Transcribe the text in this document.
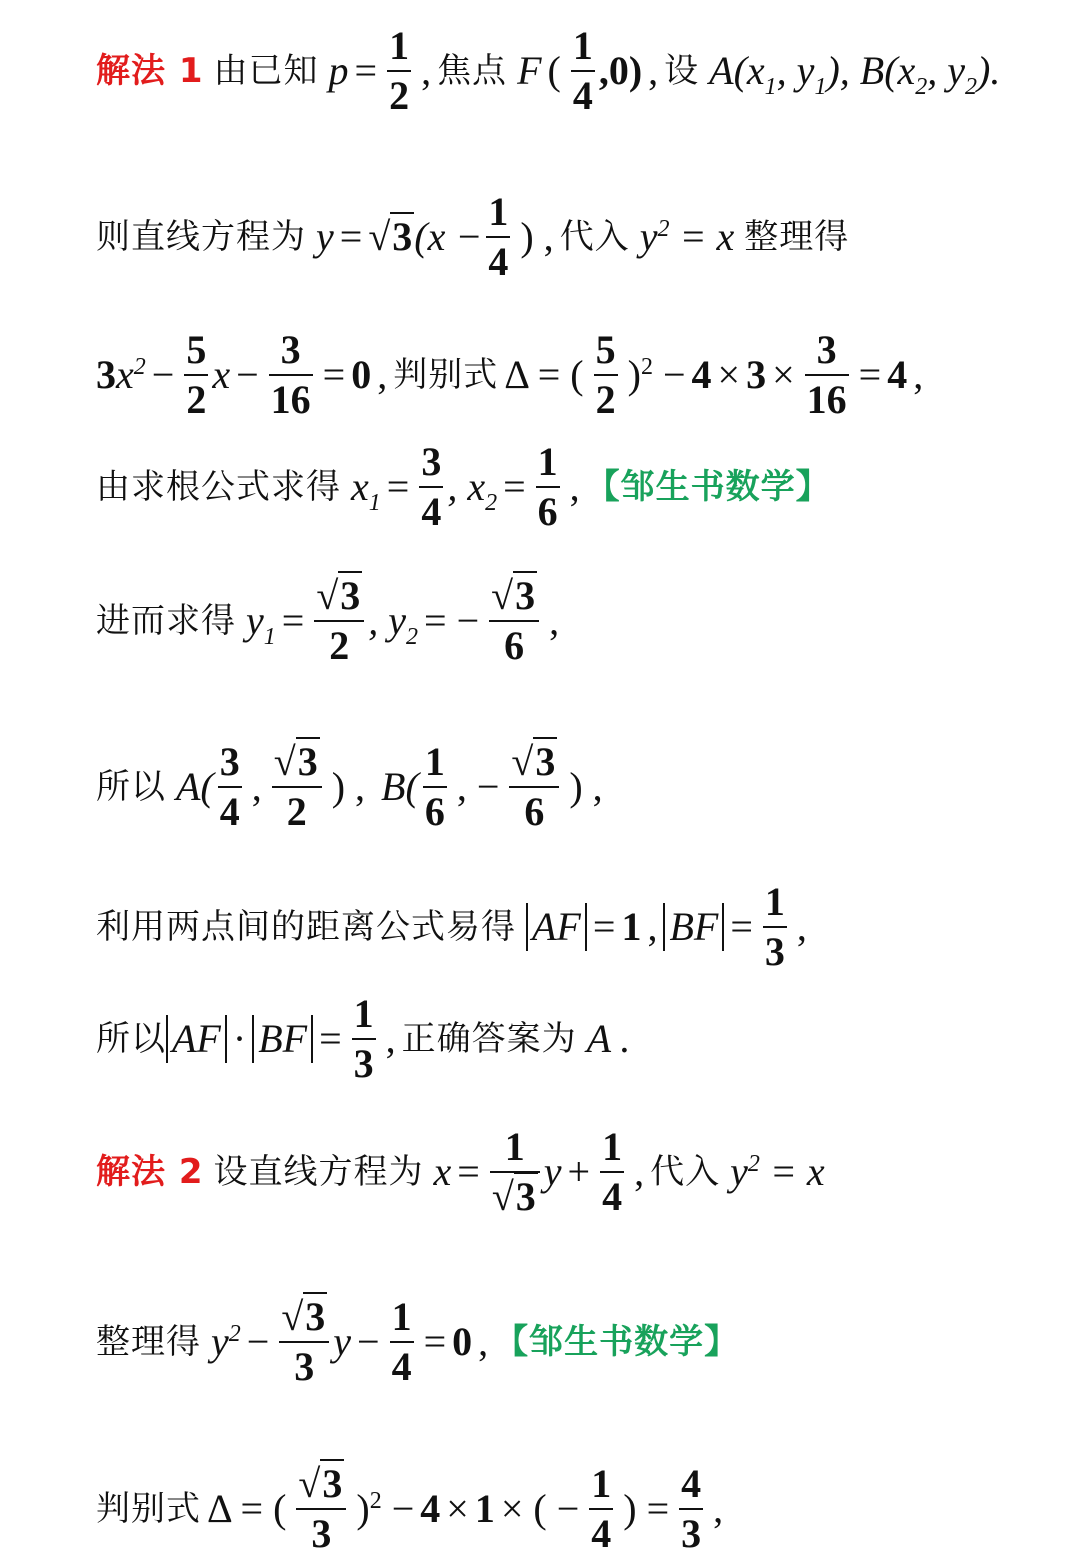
解法 1 由已知 $p = \frac{1}{2}$ , 焦点 F ( $\frac{1}{4} ,0$) , 设 $A(x_1$, $y_1$), $B(x_2$, $y_2$).
则直线方程为 y = √3 ($x - \frac{1}{4}$ ) , 代入 $y^2 = x$ 整理得
3 $x^2 - \frac{5}{2}$ $x - \frac{3}{16} = 0$ , 判别式 Δ = ( $\frac{5}{2} )^2 - 4 \times 3 \times \frac{3}{16} = 4$ ,
由求根公式求得 $x_1 = \frac{3}{4}$ , $x_2 = \frac{1}{6}$ , 【邹生书数学】
进而求得 $y_1 = \frac{√3}{2}$ , $y_2$ = − $\frac{√3}{6}$ ,
所以 $A( \frac{3}{4}$ , $\frac{√3}{2}$ ) , $B( \frac{1}{6}$ , − $\frac{√3}{6}$ ) ,
利用两点间的距离公式易得 AF = 1 , BF = $\frac{1}{3}$ ,
所以 AF · BF = $\frac{1}{3}$ , 正确答案为 A .
解法 2 设直线方程为 $x = \frac{1}{√3}$ $y + \frac{1}{4}$ , 代入 $y^2 = x$
整理得 $y^2 - \frac{√3}{3}$ $y - \frac{1}{4} = 0$ , 【邹生书数学】
判别式 Δ = ( $\frac{√3}{3} )^2 - 4 \times 1$ × ( − $\frac{1}{4}$ ) = $\frac{4}{3}$ ,
